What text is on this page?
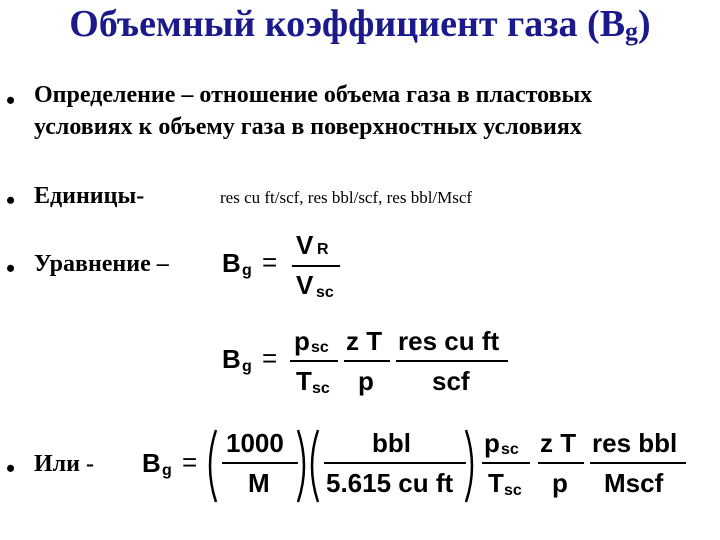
Объемный коэффициент газа (Bg)
• Определение – отношение объема газа в пластовых
условиях к объему газа в поверхностных условиях
• Единицы-	res cu ft/scf, res bbl/scf, res bbl/Mscf
• Уравнение – B g =
V R
V sc
B g =
p sc
T sc
z T
p
res cu ft
scf
• Или - B g =
1000
M
bbl
5.615 cu ft
p sc
T sc
z T
p
res bbl
Mscf
